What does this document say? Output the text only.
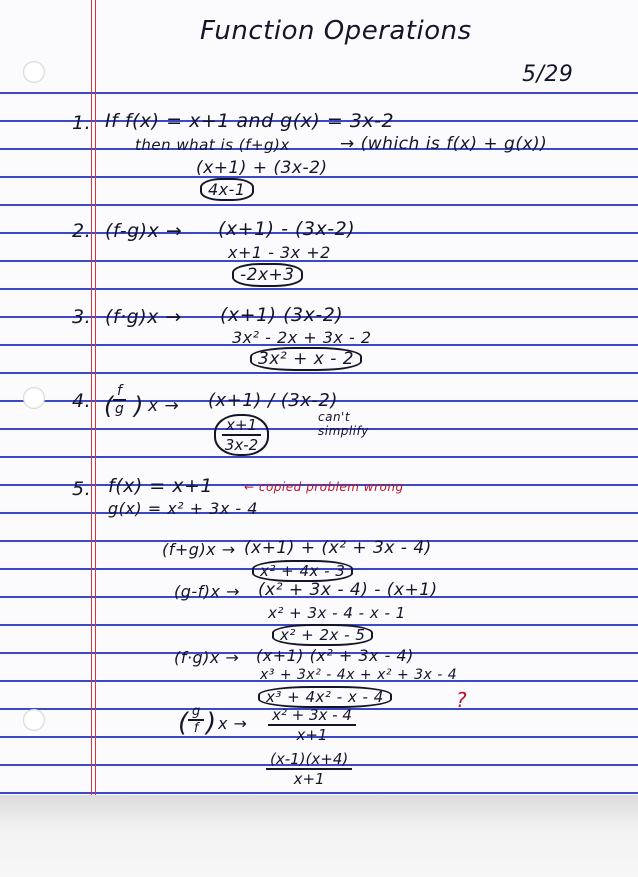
Function Operations
5/29
1. If f(x) = x+1 and g(x) = 3x-2
then what is (f+g)x	→ (which is f(x) + g(x))
(x+1) + (3x-2)
4x-1
2. (f-g)x → (x+1) - (3x-2)
x+1 - 3x +2
-2x+3
3. (f·g)x → (x+1) (3x-2)
3x² - 2x + 3x - 2
3x² + x - 2
4. ( $\frac{f}{g}$ ) x → (x+1) / (3x-2)
$\frac{x+1}{3x-2}$	can't simplify
5. f(x) = x+1	← copied problem wrong
g(x) = x² + 3x - 4
(f+g)x → (x+1) + (x² + 3x - 4)
x² + 4x - 3
(g-f)x → (x² + 3x - 4) - (x+1)
x² + 3x - 4 - x - 1
x² + 2x - 5
(f·g)x → (x+1) (x² + 3x - 4)
x³ + 3x² - 4x + x² + 3x - 4
x³ + 4x² - x - 4	?
( $\frac{g}{f}$ ) $x \to \frac{\text{x² + 3x - 4}}{x+1}$
$\frac{(x-1)(x+4)}{x+1}$
